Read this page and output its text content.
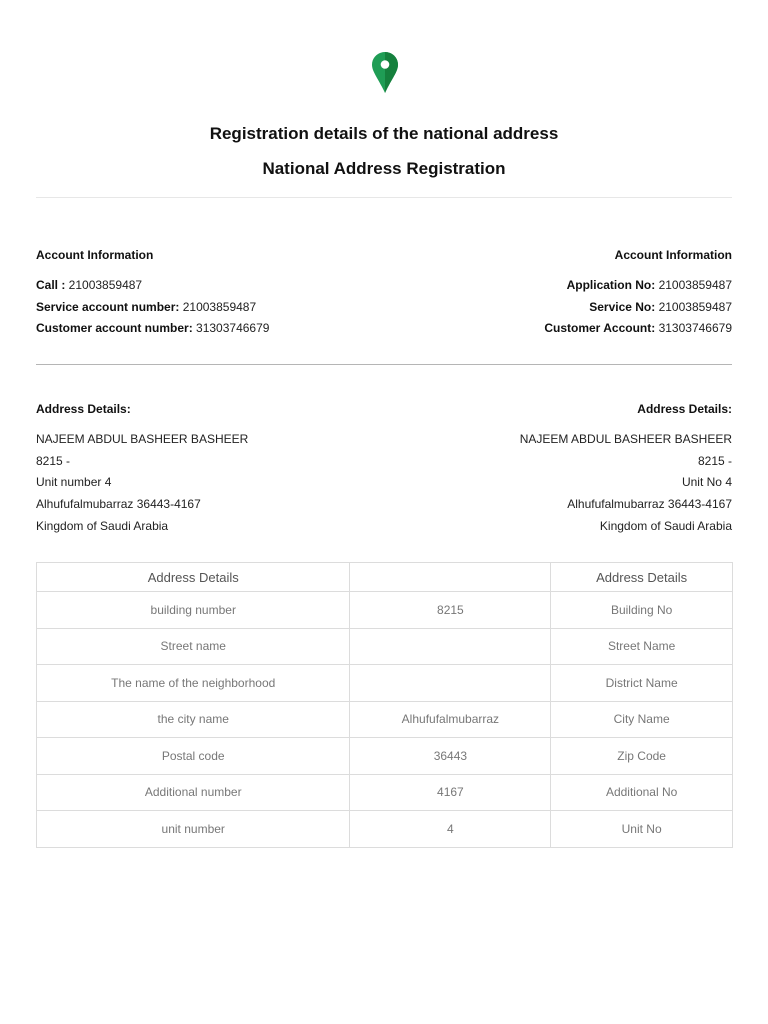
Registration details of the national address
National Address Registration
Account Information
Call : 21003859487
Service account number: 21003859487
Customer account number: 31303746679
Account Information
Application No: 21003859487
Service No: 21003859487
Customer Account: 31303746679
Address Details:
NAJEEM ABDUL BASHEER BASHEER
8215 -
Unit number 4
Alhufufalmubarraz 36443-4167
Kingdom of Saudi Arabia
Address Details:
NAJEEM ABDUL BASHEER BASHEER
8215 -
Unit No 4
Alhufufalmubarraz 36443-4167
Kingdom of Saudi Arabia
Address Details		Address Details
building number	8215	Building No
Street name		Street Name
The name of the neighborhood		District Name
the city name	Alhufufalmubarraz	City Name
Postal code	36443	Zip Code
Additional number	4167	Additional No
unit number	4	Unit No
